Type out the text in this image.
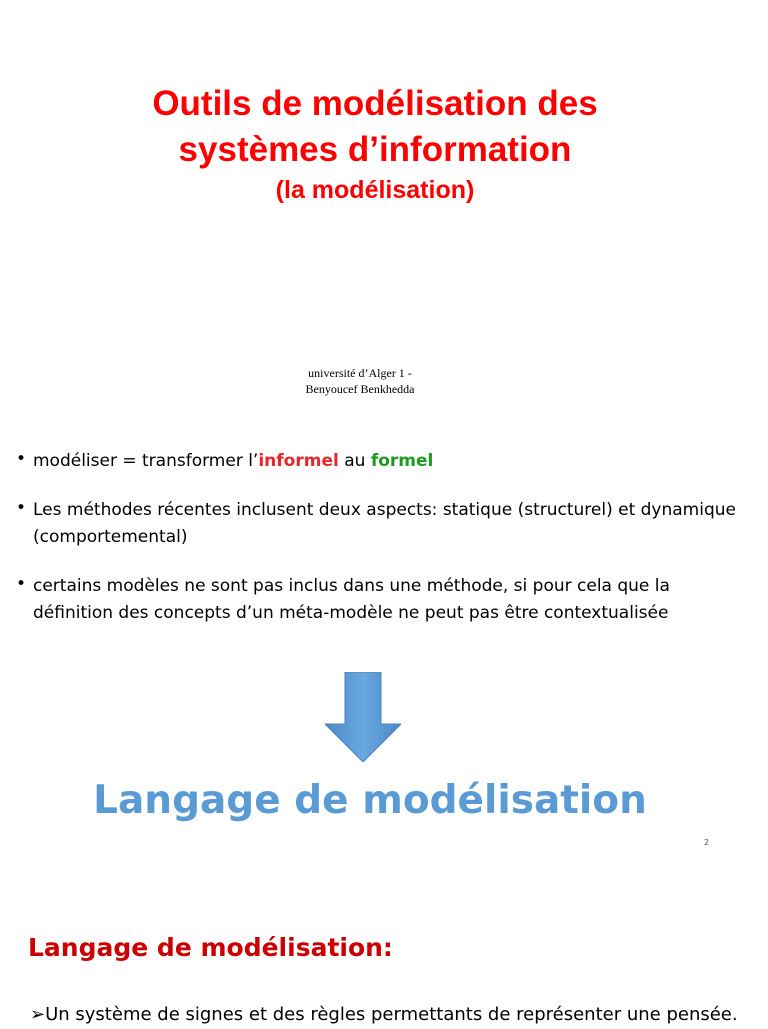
Outils de modélisation des
systèmes d’information
(la modélisation)
université d’Alger 1 -
Benyoucef Benkhedda
• modéliser = transformer l’informel au formel
• Les méthodes récentes inclusent deux aspects: statique (structurel) et dynamique (comportemental)
• certains modèles ne sont pas inclus dans une méthode, si pour cela que la définition des concepts d’un méta-modèle ne peut pas être contextualisée
Langage de modélisation
2
Langage de modélisation:
➢Un système de signes et des règles permettants de représenter une pensée.
